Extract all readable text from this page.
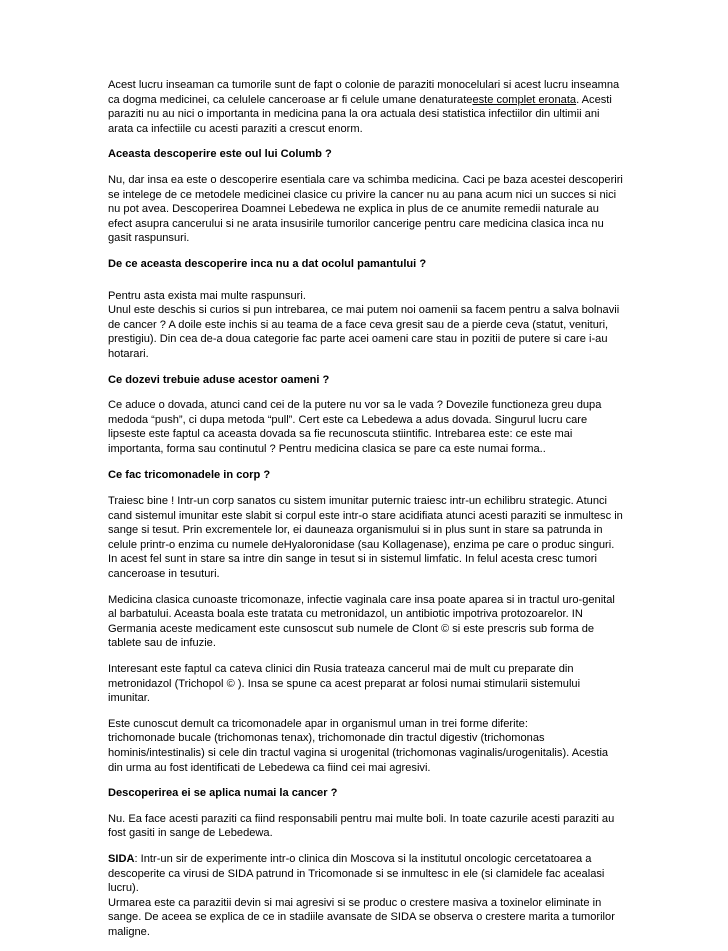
Acest lucru inseaman ca tumorile sunt de fapt o colonie de paraziti monocelulari si acest lucru inseamna ca dogma medicinei, ca celulele canceroase ar fi celule umane denaturateeste complet eronata. Acesti paraziti nu au nici o importanta in medicina pana la ora actuala desi statistica infectiilor din ultimii ani arata ca infectiile cu acesti paraziti a crescut enorm.

Aceasta descoperire este oul lui Columb ?

Nu, dar insa ea este o descoperire esentiala care va schimba medicina. Caci pe baza acestei descoperiri se intelege de ce metodele medicinei clasice cu privire la cancer nu au pana acum nici un succes si nici nu pot avea. Descoperirea Doamnei Lebedewa ne explica in plus de ce anumite remedii naturale au efect asupra cancerului si ne arata insusirile tumorilor cancerige pentru care medicina clasica inca nu gasit raspunsuri.

De ce aceasta descoperire inca nu a dat ocolul pamantului ?

Pentru asta exista mai multe raspunsuri.
Unul este deschis si curios si pun intrebarea, ce mai putem noi oamenii sa facem pentru a salva bolnavii de cancer ? A doile este inchis si au teama de a face ceva gresit sau de a pierde ceva (statut, venituri, prestigiu). Din cea de-a doua categorie fac parte acei oameni care stau in pozitii de putere si care i-au hotarari.

Ce dozevi trebuie aduse acestor oameni ?

Ce aduce o dovada, atunci cand cei de la putere nu vor sa le vada ? Dovezile functioneza greu dupa medoda “push”, ci dupa metoda “pull”. Cert este ca Lebedewa a adus dovada. Singurul lucru care lipseste este faptul ca aceasta dovada sa fie recunoscuta stiintific. Intrebarea este: ce este mai importanta, forma sau continutul ? Pentru medicina clasica se pare ca este numai forma..

Ce fac tricomonadele in corp ?

Traiesc bine ! Intr-un corp sanatos cu sistem imunitar puternic traiesc intr-un echilibru strategic. Atunci cand sistemul imunitar este slabit si corpul este intr-o stare acidifiata atunci acesti paraziti se inmultesc in sange si tesut. Prin excrementele lor, ei dauneaza organismului si in plus sunt in stare sa patrunda in celule printr-o enzima cu numele deHyaloronidase (sau Kollagenase), enzima pe care o produc singuri.
In acest fel sunt in stare sa intre din sange in tesut si in sistemul limfatic. In felul acesta cresc tumori canceroase in tesuturi.

Medicina clasica cunoaste tricomonaze, infectie vaginala care insa poate aparea si in tractul uro-genital al barbatului. Aceasta boala este tratata cu metronidazol, un antibiotic impotriva protozoarelor. IN Germania aceste medicament este cunsoscut sub numele de Clont © si este prescris sub forma de tablete sau de infuzie.

Interesant este faptul ca cateva clinici din Rusia trateaza cancerul mai de mult cu preparate din metronidazol (Trichopol © ). Insa se spune ca acest preparat ar folosi numai stimularii sistemului imunitar.

Este cunoscut demult ca tricomonadele apar in organismul uman in trei forme diferite:
trichomonade bucale (trichomonas tenax), trichomonade din tractul digestiv (trichomonas hominis/intestinalis) si cele din tractul vagina si urogenital (trichomonas vaginalis/urogenitalis). Acestia din urma au fost identificati de Lebedewa ca fiind cei mai agresivi.

Descoperirea ei se aplica numai la cancer ?

Nu. Ea face acesti paraziti ca fiind responsabili pentru mai multe boli. In toate cazurile acesti paraziti au fost gasiti in sange de Lebedewa.

SIDA: Intr-un sir de experimente intr-o clinica din Moscova si la institutul oncologic cercetatoarea a descoperite ca virusi de SIDA patrund in Tricomonade si se inmultesc in ele (si clamidele fac acealasi lucru).
Urmarea este ca parazitii devin si mai agresivi si se produc o crestere masiva a toxinelor eliminate in sange. De aceea se explica de ce in stadiile avansate de SIDA se observa o crestere marita a tumorilor maligne.
